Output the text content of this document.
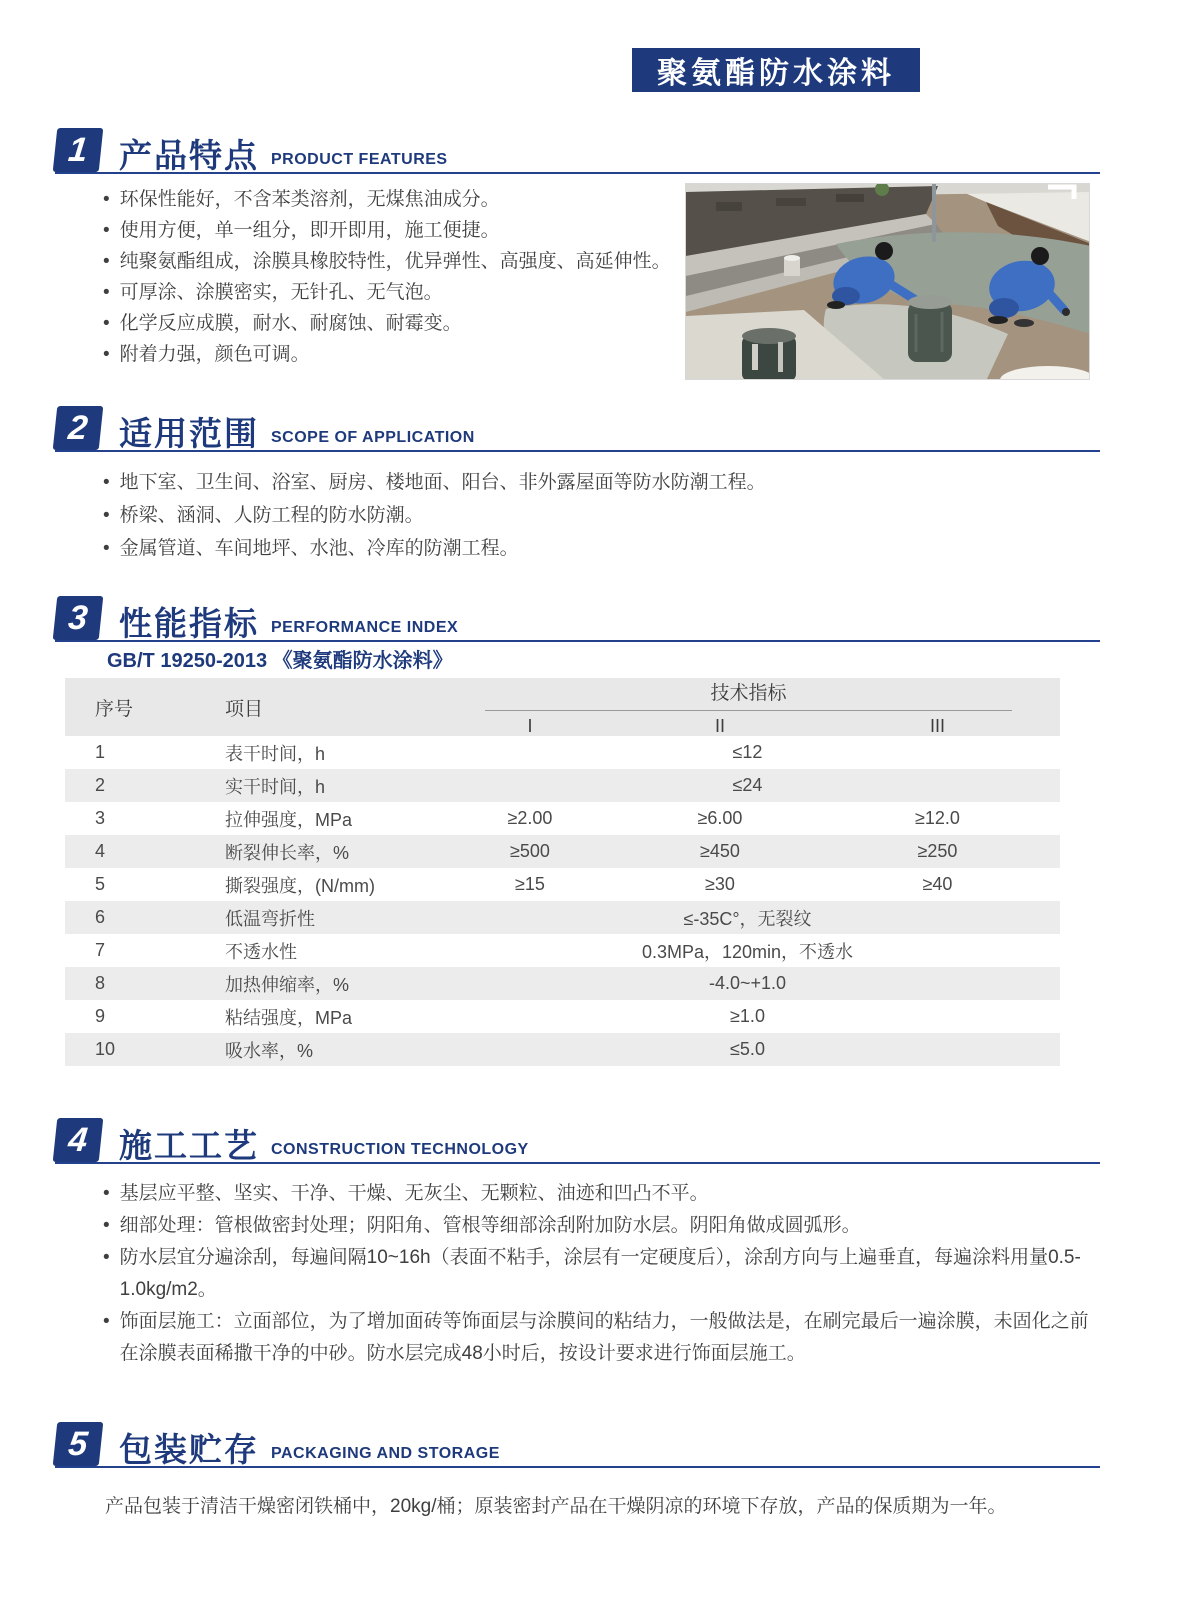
聚氨酯防水涂料
1 产品特点 PRODUCT FEATURES
• 环保性能好，不含苯类溶剂，无煤焦油成分。
• 使用方便，单一组分，即开即用，施工便捷。
• 纯聚氨酯组成，涂膜具橡胶特性，优异弹性、高强度、高延伸性。
• 可厚涂、涂膜密实，无针孔、无气泡。
• 化学反应成膜，耐水、耐腐蚀、耐霉变。
• 附着力强，颜色可调。
2 适用范围 SCOPE OF APPLICATION
• 地下室、卫生间、浴室、厨房、楼地面、阳台、非外露屋面等防水防潮工程。
• 桥梁、涵洞、人防工程的防水防潮。
• 金属管道、车间地坪、水池、冷库的防潮工程。
3 性能指标 PERFORMANCE INDEX
GB/T 19250-2013 《聚氨酯防水涂料》
序号	项目
技术指标
I	II	III
1	表干时间，h	≤12
2	实干时间，h	≤24
3	拉伸强度，MPa	≥2.00	≥6.00	≥12.0
4	断裂伸长率，%	≥500	≥450	≥250
5	撕裂强度，(N/mm)	≥15	≥30	≥40
6	低温弯折性	≤-35C°，无裂纹
7	不透水性	0.3MPa，120min，不透水
8	加热伸缩率，%	-4.0~+1.0
9	粘结强度，MPa	≥1.0
10	吸水率，%	≤5.0
4 施工工艺 CONSTRUCTION TECHNOLOGY
• 基层应平整、坚实、干净、干燥、无灰尘、无颗粒、油迹和凹凸不平。
• 细部处理：管根做密封处理；阴阳角、管根等细部涂刮附加防水层。阴阳角做成圆弧形。
• 防水层宜分遍涂刮，每遍间隔10~16h（表面不粘手，涂层有一定硬度后），涂刮方向与上遍垂直，每遍涂料用量0.5-1.0kg/m2。
• 饰面层施工：立面部位，为了增加面砖等饰面层与涂膜间的粘结力，一般做法是，在刷完最后一遍涂膜，未固化之前在涂膜表面稀撒干净的中砂。防水层完成48小时后，按设计要求进行饰面层施工。
5 包装贮存 PACKAGING AND STORAGE
产品包装于清洁干燥密闭铁桶中，20kg/桶；原装密封产品在干燥阴凉的环境下存放，产品的保质期为一年。
